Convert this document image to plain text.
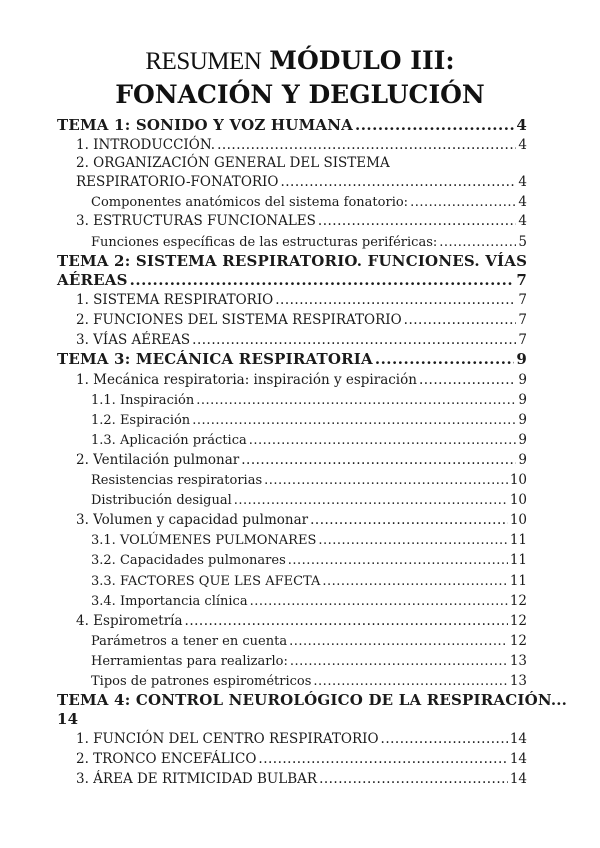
RESUMEN MÓDULO III:
FONACIÓN Y DEGLUCIÓN
TEMA 1: SONIDO Y VOZ HUMANA .....	4
1. INTRODUCCIÓN. .....	4
2. ORGANIZACIÓN GENERAL DEL SISTEMA
RESPIRATORIO-FONATORIO .....	4
Componentes anatómicos del sistema fonatorio: .....	4
3. ESTRUCTURAS FUNCIONALES .....	4
Funciones específicas de las estructuras periféricas: .....	5
TEMA 2: SISTEMA RESPIRATORIO. FUNCIONES. VÍAS
AÉREAS .....	7
1. SISTEMA RESPIRATORIO .....	7
2. FUNCIONES DEL SISTEMA RESPIRATORIO .....	7
3. VÍAS AÉREAS .....	7
TEMA 3: MECÁNICA RESPIRATORIA .....	9
1. Mecánica respiratoria: inspiración y espiración .....	9
1.1. Inspiración .....	9
1.2. Espiración .....	9
1.3. Aplicación práctica .....	9
2. Ventilación pulmonar .....	9
Resistencias respiratorias .....	10
Distribución desigual .....	10
3. Volumen y capacidad pulmonar .....	10
3.1. VOLÚMENES PULMONARES .....	11
3.2. Capacidades pulmonares .....	11
3.3. FACTORES QUE LES AFECTA .....	11
3.4. Importancia clínica .....	12
4. Espirometría .....	12
Parámetros a tener en cuenta .....	12
Herramientas para realizarlo: .....	13
Tipos de patrones espirométricos .....	13
TEMA 4: CONTROL NEUROLÓGICO DE LA RESPIRACIÓN...
14
1. FUNCIÓN DEL CENTRO RESPIRATORIO .....	14
2. TRONCO ENCEFÁLICO .....	14
3. ÁREA DE RITMICIDAD BULBAR .....	14
